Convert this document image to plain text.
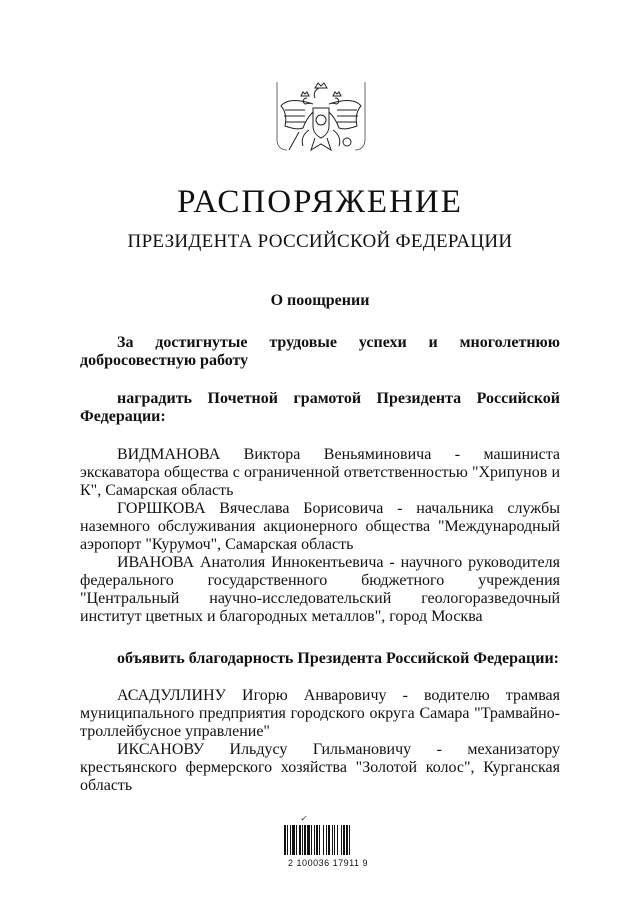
РАСПОРЯЖЕНИЕ
ПРЕЗИДЕНТА РОССИЙСКОЙ ФЕДЕРАЦИИ
О поощрении

За достигнутые трудовые успехи и многолетнюю добросовестную работу

наградить Почетной грамотой Президента Российской Федерации:

ВИДМАНОВА Виктора Веньяминовича - машиниста экскаватора общества с ограниченной ответственностью "Хрипунов и К", Самарская область

ГОРШКОВА Вячеслава Борисовича - начальника службы наземного обслуживания акционерного общества "Международный аэропорт "Курумоч", Самарская область

ИВАНОВА Анатолия Иннокентьевича - научного руководителя федерального государственного бюджетного учреждения "Центральный научно-исследовательский геологоразведочный институт цветных и благородных металлов", город Москва

объявить благодарность Президента Российской Федерации:

АСАДУЛЛИНУ Игорю Анваровичу - водителю трамвая муниципального предприятия городского округа Самара "Трамвайно-троллейбусное управление"

ИКСАНОВУ Ильдусу Гильмановичу - механизатору крестьянского фермерского хозяйства "Золотой колос", Курганская область

✓
2 100036 17911 9
